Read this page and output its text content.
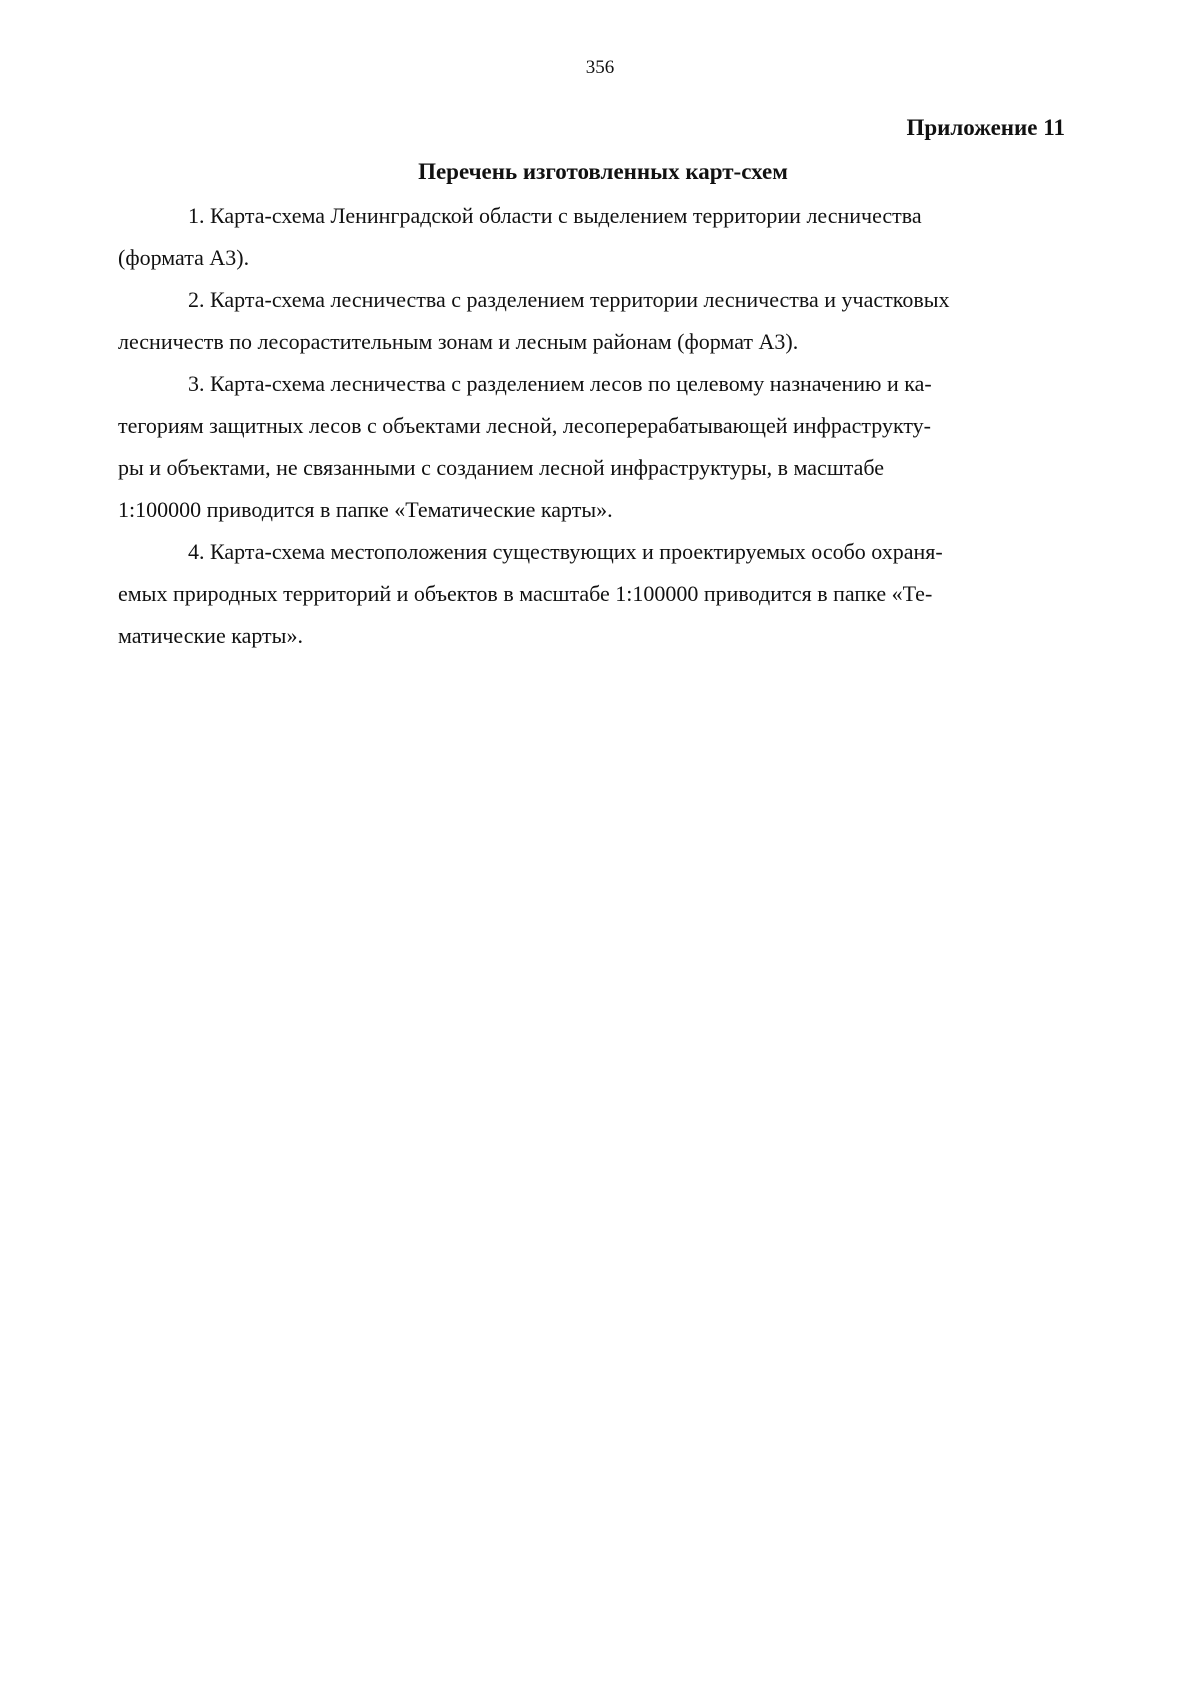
356
Приложение 11
Перечень изготовленных карт-схем

1. Карта-схема Ленинградской области с выделением территории лесничества
(формата А3).

2. Карта-схема лесничества с разделением территории лесничества и участковых
лесничеств по лесорастительным зонам и лесным районам (формат А3).

3. Карта-схема лесничества с разделением лесов по целевому назначению и ка-
тегориям защитных лесов с объектами лесной, лесоперерабатывающей инфраструкту-
ры и объектами, не связанными с созданием лесной инфраструктуры, в масштабе
1:100000 приводится в папке «Тематические карты».

4. Карта-схема местоположения существующих и проектируемых особо охраня-
емых природных территорий и объектов в масштабе 1:100000 приводится в папке «Те-
матические карты».
